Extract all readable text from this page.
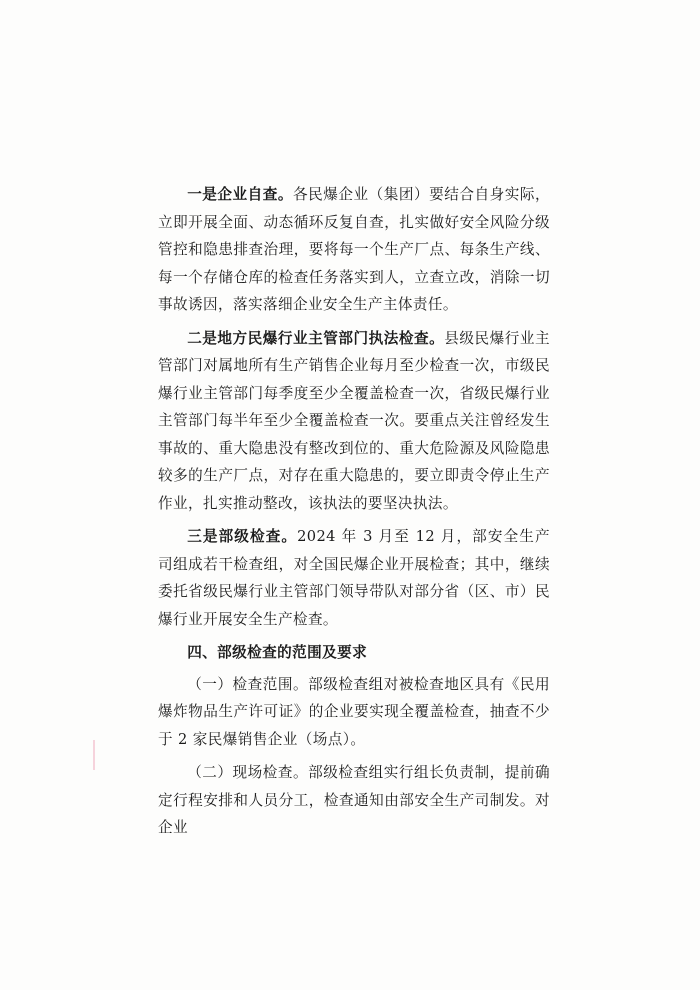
一是企业自查。各民爆企业（集团）要结合自身实际，立即开展全面、动态循环反复自查，扎实做好安全风险分级管控和隐患排查治理，要将每一个生产厂点、每条生产线、每一个存储仓库的检查任务落实到人，立查立改，消除一切事故诱因，落实落细企业安全生产主体责任。

二是地方民爆行业主管部门执法检查。县级民爆行业主管部门对属地所有生产销售企业每月至少检查一次，市级民爆行业主管部门每季度至少全覆盖检查一次，省级民爆行业主管部门每半年至少全覆盖检查一次。要重点关注曾经发生事故的、重大隐患没有整改到位的、重大危险源及风险隐患较多的生产厂点，对存在重大隐患的，要立即责令停止生产作业，扎实推动整改，该执法的要坚决执法。

三是部级检查。2024 年 3 月至 12 月，部安全生产司组成若干检查组，对全国民爆企业开展检查；其中，继续委托省级民爆行业主管部门领导带队对部分省（区、市）民爆行业开展安全生产检查。

四、部级检查的范围及要求

（一）检查范围。部级检查组对被检查地区具有《民用爆炸物品生产许可证》的企业要实现全覆盖检查，抽查不少于 2 家民爆销售企业（场点）。

（二）现场检查。部级检查组实行组长负责制，提前确定行程安排和人员分工，检查通知由部安全生产司制发。对企业
